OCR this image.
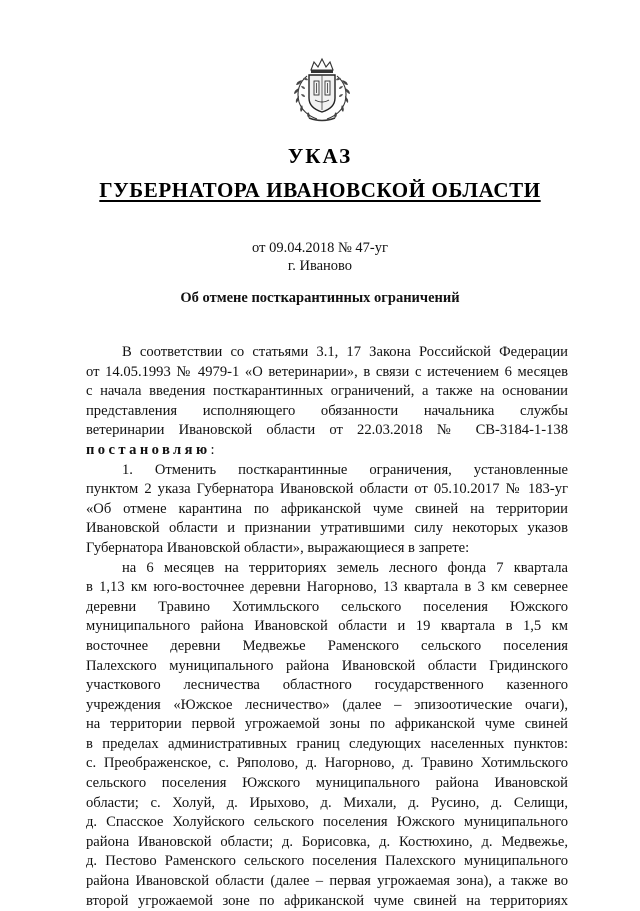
УКАЗ
ГУБЕРНАТОРА ИВАНОВСКОЙ ОБЛАСТИ
от 09.04.2018 № 47-уг
г. Иваново
Об отмене посткарантинных ограничений
В соответствии со статьями 3.1, 17 Закона Российской Федерации
от 14.05.1993 № 4979-1 «О ветеринарии», в связи с истечением 6 месяцев
с начала введения посткарантинных ограничений, а также на основании
представления исполняющего обязанности начальника службы
ветеринарии Ивановской области от 22.03.2018 № СВ-3184-1-138
постановляю:
1. Отменить посткарантинные ограничения, установленные
пунктом 2 указа Губернатора Ивановской области от 05.10.2017 № 183-уг
«Об отмене карантина по африканской чуме свиней на территории
Ивановской области и признании утратившими силу некоторых указов
Губернатора Ивановской области», выражающиеся в запрете:
на 6 месяцев на территориях земель лесного фонда 7 квартала
в 1,13 км юго-восточнее деревни Нагорново, 13 квартала в 3 км севернее
деревни Травино Хотимльского сельского поселения Южского
муниципального района Ивановской области и 19 квартала в 1,5 км
восточнее деревни Медвежье Раменского сельского поселения
Палехского муниципального района Ивановской области Гридинского
участкового лесничества областного государственного казенного
учреждения «Южское лесничество» (далее – эпизоотические очаги),
на территории первой угрожаемой зоны по африканской чуме свиней
в пределах административных границ следующих населенных пунктов:
с. Преображенское, с. Ряполово, д. Нагорново, д. Травино Хотимльского
сельского поселения Южского муниципального района Ивановской
области; с. Холуй, д. Ирыхово, д. Михали, д. Русино, д. Селищи,
д. Спасское Холуйского сельского поселения Южского муниципального
района Ивановской области; д. Борисовка, д. Костюхино, д. Медвежье,
д. Пестово Раменского сельского поселения Палехского муниципального
района Ивановской области (далее – первая угрожаемая зона), а также во
второй угрожаемой зоне по африканской чуме свиней на территориях
